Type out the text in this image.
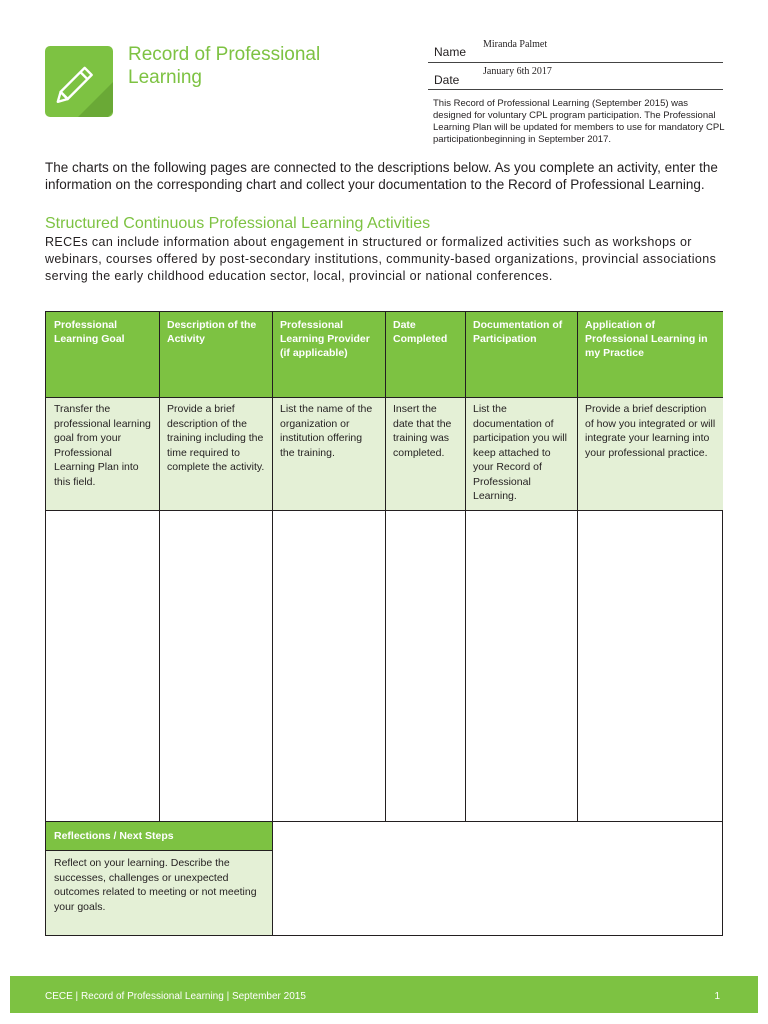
Record of Professional
Learning
Name
Miranda Palmet
Date
January 6th 2017
This Record of Professional Learning (September 2015) was designed for voluntary CPL program participation. The Professional Learning Plan will be updated for members to use for mandatory CPL participationbeginning in September 2017.
The charts on the following pages are connected to the descriptions below. As you complete an activity, enter the information on the corresponding chart and collect your documentation to the Record of Professional Learning.
Structured Continuous Professional Learning Activities
RECEs can include information about engagement in structured or formalized activities such as workshops or webinars, courses offered by post-secondary institutions, community-based organizations, provincial associations serving the early childhood education sector, local, provincial or national conferences.
Professional Learning Goal
Description of the Activity
Professional Learning Provider (if applicable)
Date Completed
Documentation of Participation
Application of Professional Learning in my Practice
Transfer the professional learning goal from your Professional Learning Plan into this field.
Provide a brief description of the training including the time required to complete the activity.
List the name of the organization or institution offering the training.
Insert the date that the training was completed.
List the documentation of participation you will keep attached to your Record of Professional Learning.
Provide a brief description of how you integrated or will integrate your learning into your professional practice.
Reflections / Next Steps
Reflect on your learning. Describe the successes, challenges or unexpected outcomes related to meeting or not meeting your goals.
CECE | Record of Professional Learning | September 2015	1
